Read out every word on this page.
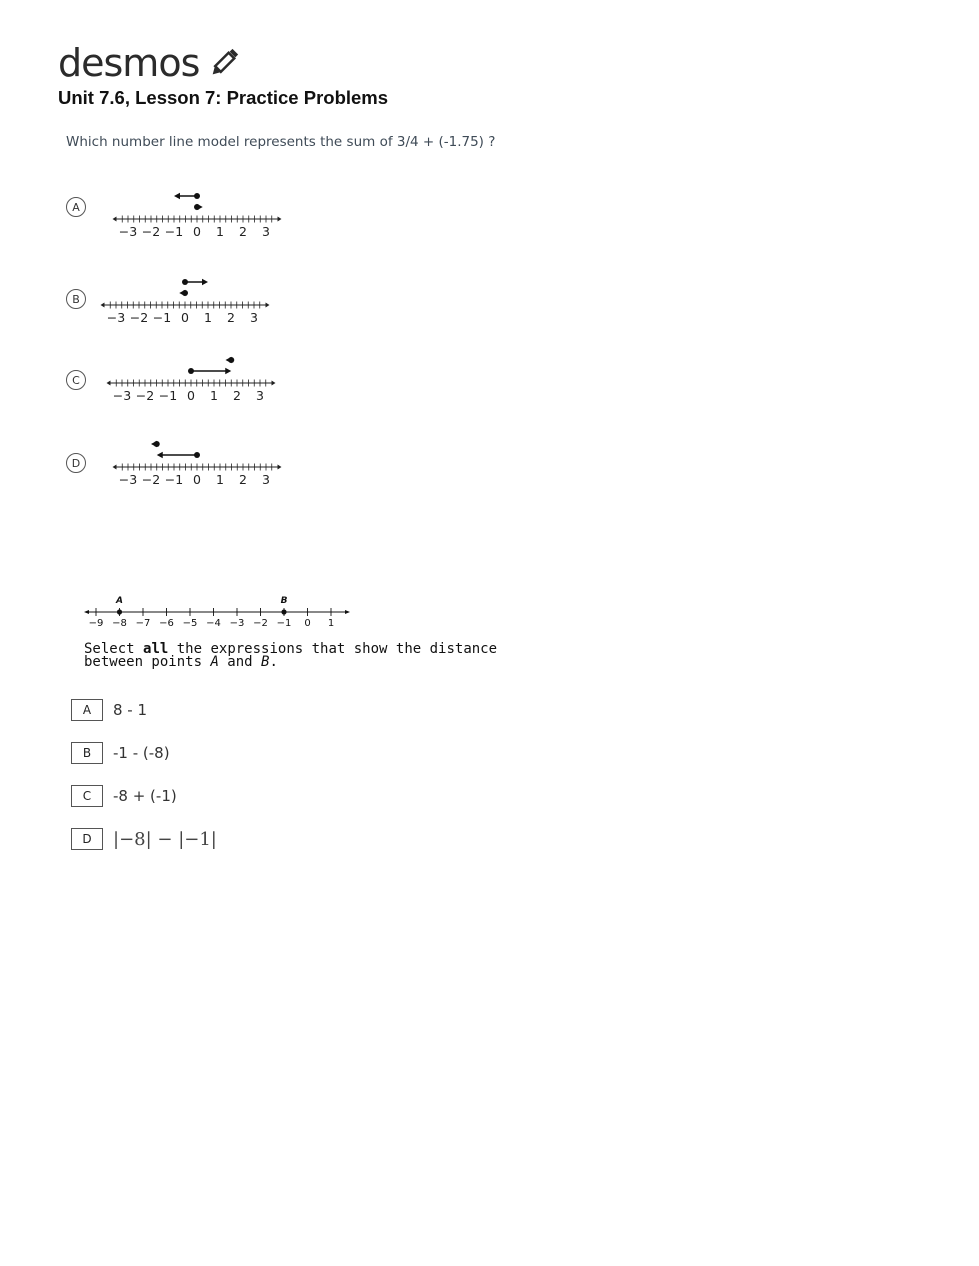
desmos
Unit 7.6, Lesson 7: Practice Problems
Which number line model represents the sum of 3/4 + (-1.75) ?
A
−3 −2 −1 0 1 2 3
B
−3 −2 −1 0 1 2 3
C
−3 −2 −1 0 1 2 3
D
−3 −2 −1 0 1 2 3
−9 −8 −7 −6 −5 −4 −3 −2 −1 0 1
A	B
Select all the expressions that show the distance
between points A and B.
A	8 - 1
B	-1 - (-8)
C	-8 + (-1)
D	|−8| − |−1|
